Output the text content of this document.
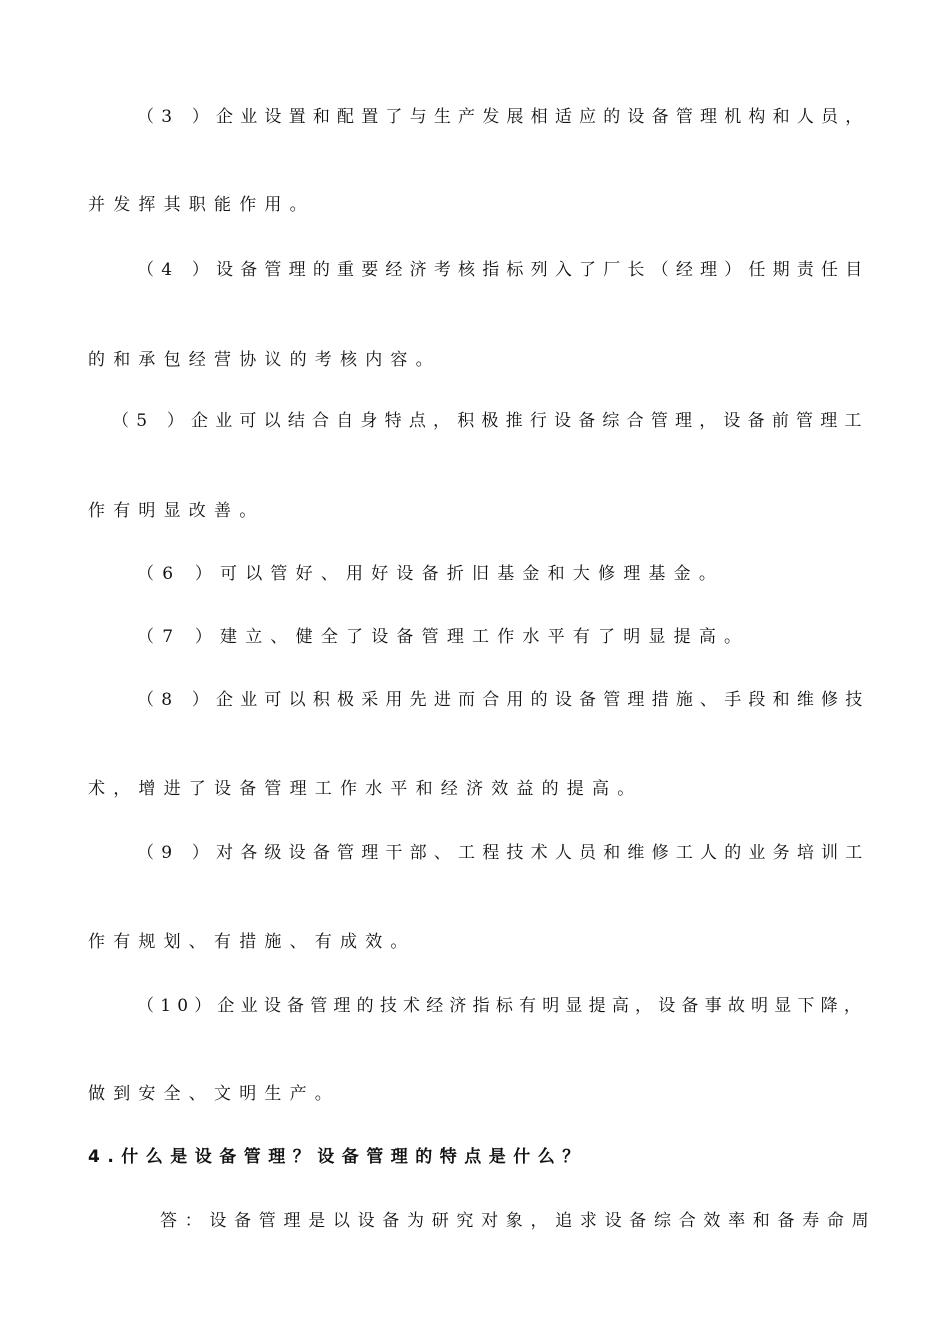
（3 ）企业设置和配置了与生产发展相适应的设备管理机构和人员，
并发挥其职能作用。
（4 ）设备管理的重要经济考核指标列入了厂长（经理）任期责任目
的和承包经营协议的考核内容。
（5 ）企业可以结合自身特点，积极推行设备综合管理，设备前管理工
作有明显改善。
（6 ）可以管好、用好设备折旧基金和大修理基金。
（7 ）建立、健全了设备管理工作水平有了明显提高。
（8 ）企业可以积极采用先进而合用的设备管理措施、手段和维修技
术，增进了设备管理工作水平和经济效益的提高。
（9 ）对各级设备管理干部、工程技术人员和维修工人的业务培训工
作有规划、有措施、有成效。
（10）企业设备管理的技术经济指标有明显提高，设备事故明显下降，
做到安全、文明生产。
4.什么是设备管理？设备管理的特点是什么？
答：设备管理是以设备为研究对象，追求设备综合效率和备寿命周
